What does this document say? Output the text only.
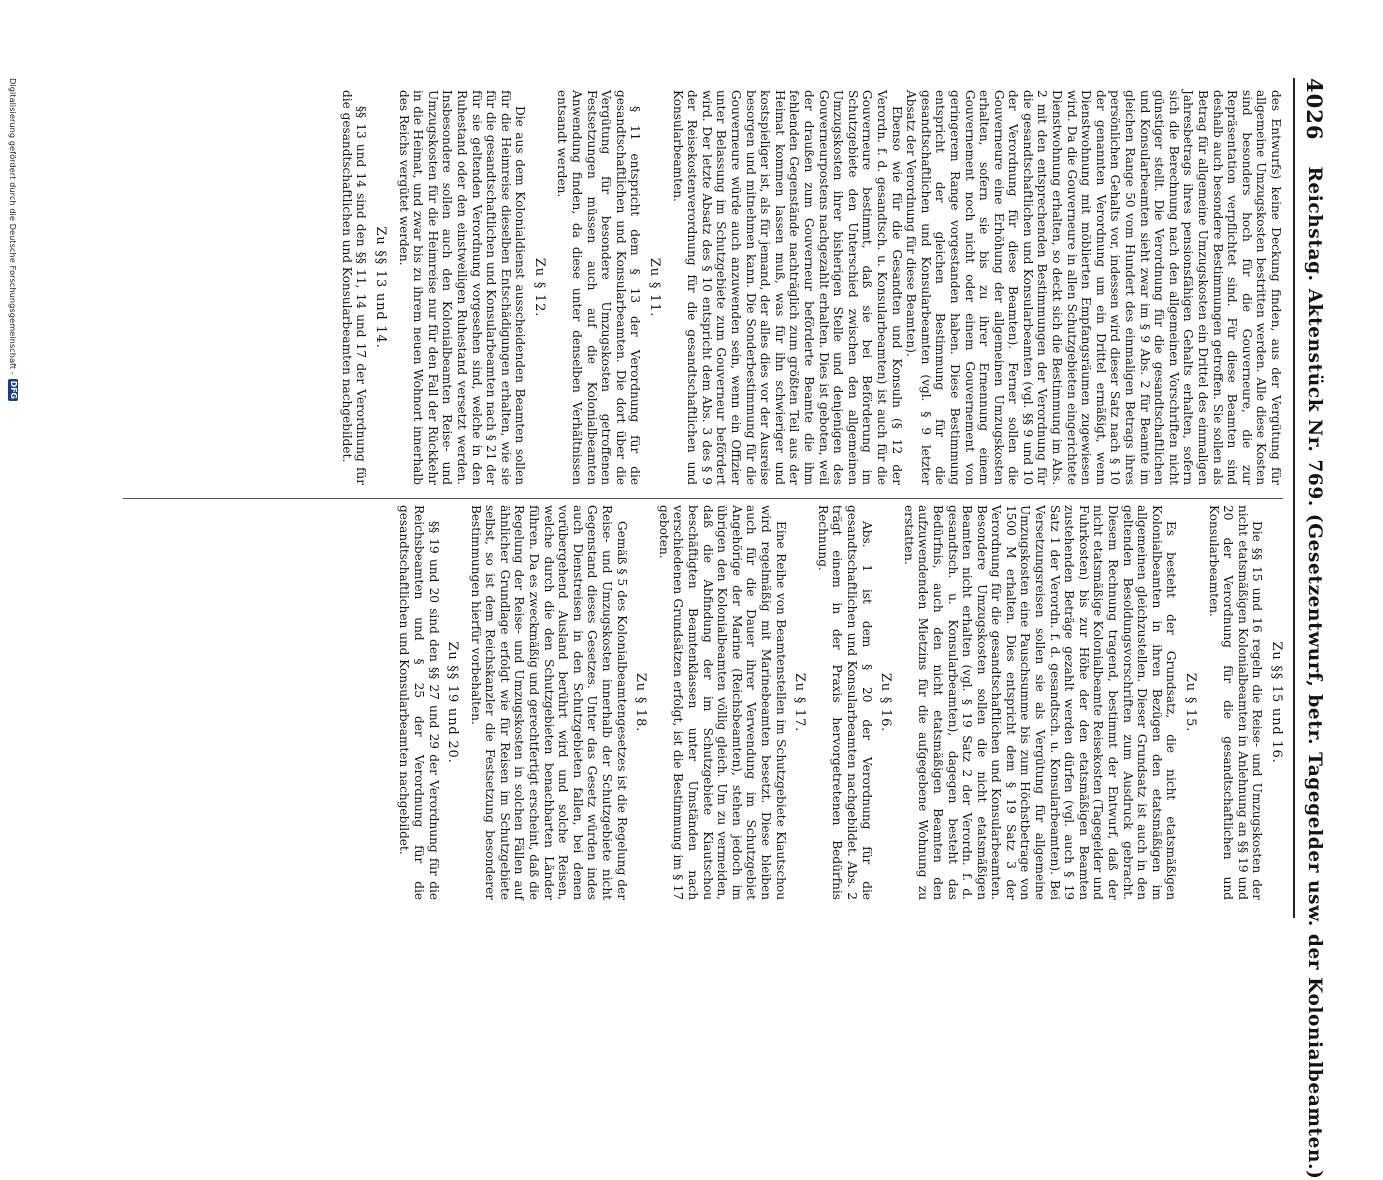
4026
Reichstag. Aktenstück Nr. 769. (Gesetzentwurf, betr. Tagegelder usw. der Kolonialbeamten.)

des Entwurfs) keine Deckung finden, aus der Vergütung für allgemeine Umzugskosten bestritten werden. Alle diese Kosten sind besonders hoch für die Gouverneure, die zur Repräsentation verpflichtet sind. Für diese Beamten sind deshalb auch besondere Bestimmungen getroffen. Sie sollen als Betrag für allgemeine Umzugskosten ein Drittel des einmaligen Jahresbetrags ihres pensionsfähigen Gehalts erhalten, sofern sich die Berechnung nach den allgemeinen Vorschriften nicht günstiger stellt. Die Verordnung für die gesandtschaftlichen und Konsularbeamten sieht zwar im § 9 Abs. 2 für Beamte im gleichen Range 50 vom Hundert des einmaligen Betrags ihres persönlichen Gehalts vor, indessen wird dieser Satz nach § 10 der genannten Verordnung um ein Drittel ermäßigt, wenn Dienstwohnung mit möblierten Empfangsräumen zugewiesen wird. Da die Gouverneure in allen Schutzgebieten eingerichtete Dienstwohnung erhalten, so deckt sich die Bestimmung im Abs. 2 mit den entsprechenden Bestimmungen der Verordnung für die gesandtschaftlichen und Konsularbeamten (vgl. §§ 9 und 10 der Verordnung für diese Beamten). Ferner sollen die Gouverneure eine Erhöhung der allgemeinen Umzugskosten erhalten, sofern sie bis zu ihrer Ernennung einem Gouvernement noch nicht oder einem Gouvernement von geringerem Range vorgestanden haben. Diese Bestimmung entspricht der gleichen Bestimmung für die gesandtschaftlichen und Konsularbeamten (vgl. § 9 letzter Absatz der Verordnung für diese Beamten).

Ebenso wie für die Gesandten und Konsuln (§ 12 der Verordn. f. d. gesandtsch. u. Konsularbeamten) ist auch für die Gouverneure bestimmt, daß sie bei Beförderung im Schutzgebiete den Unterschied zwischen den allgemeinen Umzugskosten ihrer bisherigen Stelle und denjenigen des Gouverneurpostens nachgezahlt erhalten. Dies ist geboten, weil der draußen zum Gouverneur beförderte Beamte die ihm fehlenden Gegenstände nachträglich zum größten Teil aus der Heimat kommen lassen muß, was für ihn schwieriger und kostspieliger ist, als für jemand, der alles dies vor der Ausreise besorgen und mitnehmen kann. Die Sonderbestimmung für die Gouverneure würde auch anzuwenden sein, wenn ein Offizier unter Belassung im Schutzgebiete zum Gouverneur befördert wird. Der letzte Absatz des § 10 entspricht dem Abs. 3 des § 9 der Reisekostenverordnung für die gesandtschaftlichen und Konsularbeamten.

Zu § 11.

§ 11 entspricht dem § 13 der Verordnung für die gesandtschaftlichen und Konsularbeamten. Die dort über die Vergütung für besondere Umzugskosten getroffenen Festsetzungen müssen auch auf die Kolonialbeamten Anwendung finden, da diese unter denselben Verhältnissen entsandt werden.

Zu § 12.

Die aus dem Kolonialdienst ausscheidenden Beamten sollen für die Heimreise dieselben Entschädigungen erhalten, wie sie für die gesandtschaftlichen und Konsularbeamten nach § 21 der für sie geltenden Verordnung vorgesehen sind, welche in den Ruhestand oder den einstweiligen Ruhestand versetzt werden. Insbesondere sollen auch den Kolonialbeamten Reise- und Umzugskosten für die Heimreise nur für den Fall der Rückkehr in die Heimat, und zwar bis zu ihrem neuen Wohnort innerhalb des Reichs vergütet werden.

Zu §§ 13 und 14.

§§ 13 und 14 sind den §§ 11, 14 und 17 der Verordnung für die gesandtschaftlichen und Konsularbeamten nachgebildet.

Zu §§ 15 und 16.

Die §§ 15 und 16 regeln die Reise- und Umzugskosten der nicht etatsmäßigen Kolonialbeamten in Anlehnung an §§ 19 und 20 der Verordnung für die gesandtschaftlichen und Konsularbeamten.

Zu § 15.

Es besteht der Grundsatz, die nicht etatsmäßigen Kolonialbeamten in ihren Bezügen den etatsmäßigen im allgemeinen gleichzustellen. Dieser Grundsatz ist auch in den geltenden Besoldungsvorschriften zum Ausdruck gebracht. Diesem Rechnung tragend, bestimmt der Entwurf, daß der nicht etatsmäßige Kolonialbeamte Reisekosten (Tagegelder und Fuhrkosten) bis zur Höhe der den etatsmäßigen Beamten zustehenden Beträge gezahlt werden dürfen (vgl. auch § 19 Satz 1 der Verordn. f. d. gesandtsch. u. Konsularbeamten). Bei Versetzungsreisen sollen sie als Vergütung für allgemeine Umzugskosten eine Pauschsumme bis zum Höchstbetrage von 1500 M erhalten. Dies entspricht dem § 19 Satz 3 der Verordnung für die gesandtschaftlichen und Konsularbeamten. Besondere Umzugskosten sollen die nicht etatsmäßigen Beamten nicht erhalten (vgl. § 19 Satz 2 der Verordn. f. d. gesandtsch. u. Konsularbeamten), dagegen besteht das Bedürfnis, auch den nicht etatsmäßigen Beamten den aufzuwendenden Mietzins für die aufgegebene Wohnung zu erstatten.

Zu § 16.

Abs. 1 ist dem § 20 der Verordnung für die gesandtschaftlichen und Konsularbeamten nachgebildet. Abs. 2 trägt einem in der Praxis hervorgetretenen Bedürfnis Rechnung.

Zu § 17.

Eine Reihe von Beamtenstellen im Schutzgebiete Kiautschou wird regelmäßig mit Marinebeamten besetzt. Diese bleiben auch für die Dauer ihrer Verwendung im Schutzgebiet Angehörige der Marine (Reichsbeamten), stehen jedoch im übrigen den Kolonialbeamten völlig gleich. Um zu vermeiden, daß die Abfindung der im Schutzgebiete Kiautschou beschäftigten Beamtenklassen unter Umständen nach verschiedenen Grundsätzen erfolgt, ist die Bestimmung im § 17 geboten.

Zu § 18.

Gemäß § 5 des Kolonialbeamtengesetzes ist die Regelung der Reise- und Umzugskosten innerhalb der Schutzgebiete nicht Gegenstand dieses Gesetzes. Unter das Gesetz würden indes auch Dienstreisen in den Schutzgebieten fallen, bei denen vorübergehend Ausland berührt wird und solche Reisen, welche durch die den Schutzgebieten benachbarten Länder führen. Da es zweckmäßig und gerechtfertigt erscheint, daß die Regelung der Reise- und Umzugskosten in solchen Fällen auf ähnlicher Grundlage erfolgt wie für Reisen im Schutzgebiete selbst, so ist dem Reichskanzler die Festsetzung besonderer Bestimmungen hierfür vorbehalten.

Zu §§ 19 und 20.

§§ 19 und 20 sind den §§ 27 und 29 der Verordnung für die Reichsbeamten und § 25 der Verordnung für die gesandtschaftlichen und Konsularbeamten nachgebildet.

Digitalisierung gefördert durch die Deutsche Forschungsgemeinschaft -
DFG
